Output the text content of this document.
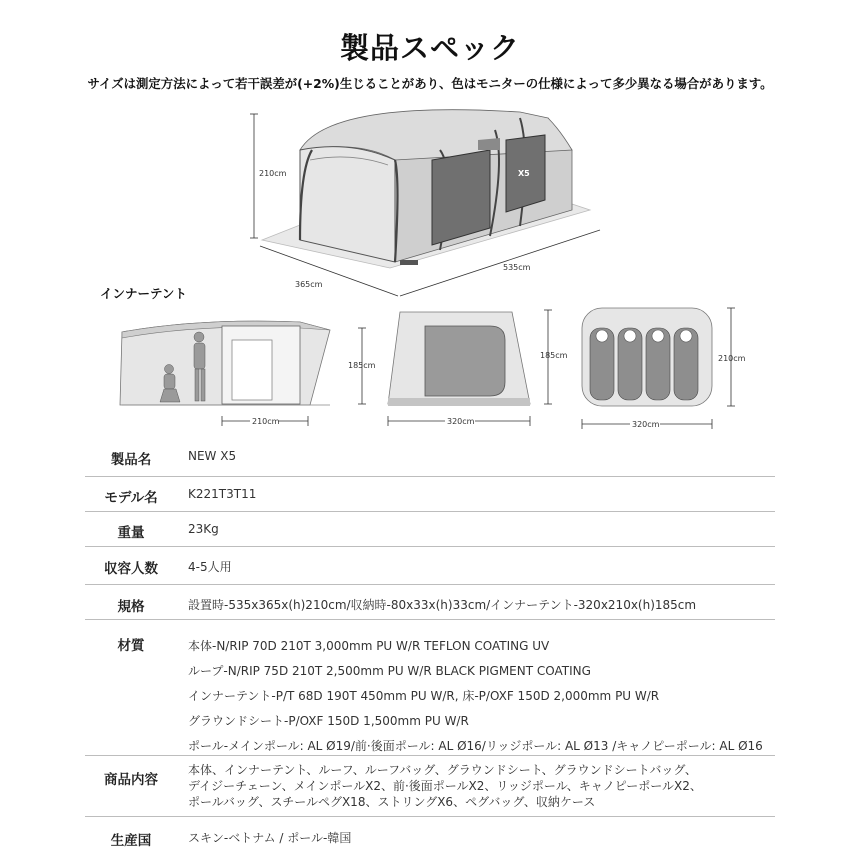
製品スペック
サイズは測定方法によって若干誤差が(+2%)生じることがあり、色はモニターの仕様によって多少異なる場合があります。
X5
210cm
365cm
535cm
185cm
210cm
185cm
320cm
210cm
320cm
インナーテント
製品名	NEW X5
モデル名	K221T3T11
重量	23Kg
収容人数	4-5人用
規格	設置時-535x365x(h)210cm/収納時-80x33x(h)33cm/インナーテント-320x210x(h)185cm
材質	本体-N/RIP 70D 210T 3,000mm PU W/R TEFLON COATING UV
ループ-N/RIP 75D 210T 2,500mm PU W/R BLACK PIGMENT COATING
インナーテント-P/T 68D 190T 450mm PU W/R, 床-P/OXF 150D 2,000mm PU W/R
グラウンドシート-P/OXF 150D 1,500mm PU W/R
ポール-メインポール: AL Ø19/前·後面ポール: AL Ø16/リッジポール: AL Ø13 /キャノピーポール: AL Ø16
商品内容
本体、インナーテント、ルーフ、ルーフバッグ、グラウンドシート、グラウンドシートバッグ、
デイジーチェーン、メインポールX2、前·後面ポールX2、リッジポール、キャノピーポールX2、
ポールバッグ、スチールペグX18、ストリングX6、ペグバッグ、収納ケース
生産国	スキン-ベトナム / ポール-韓国
